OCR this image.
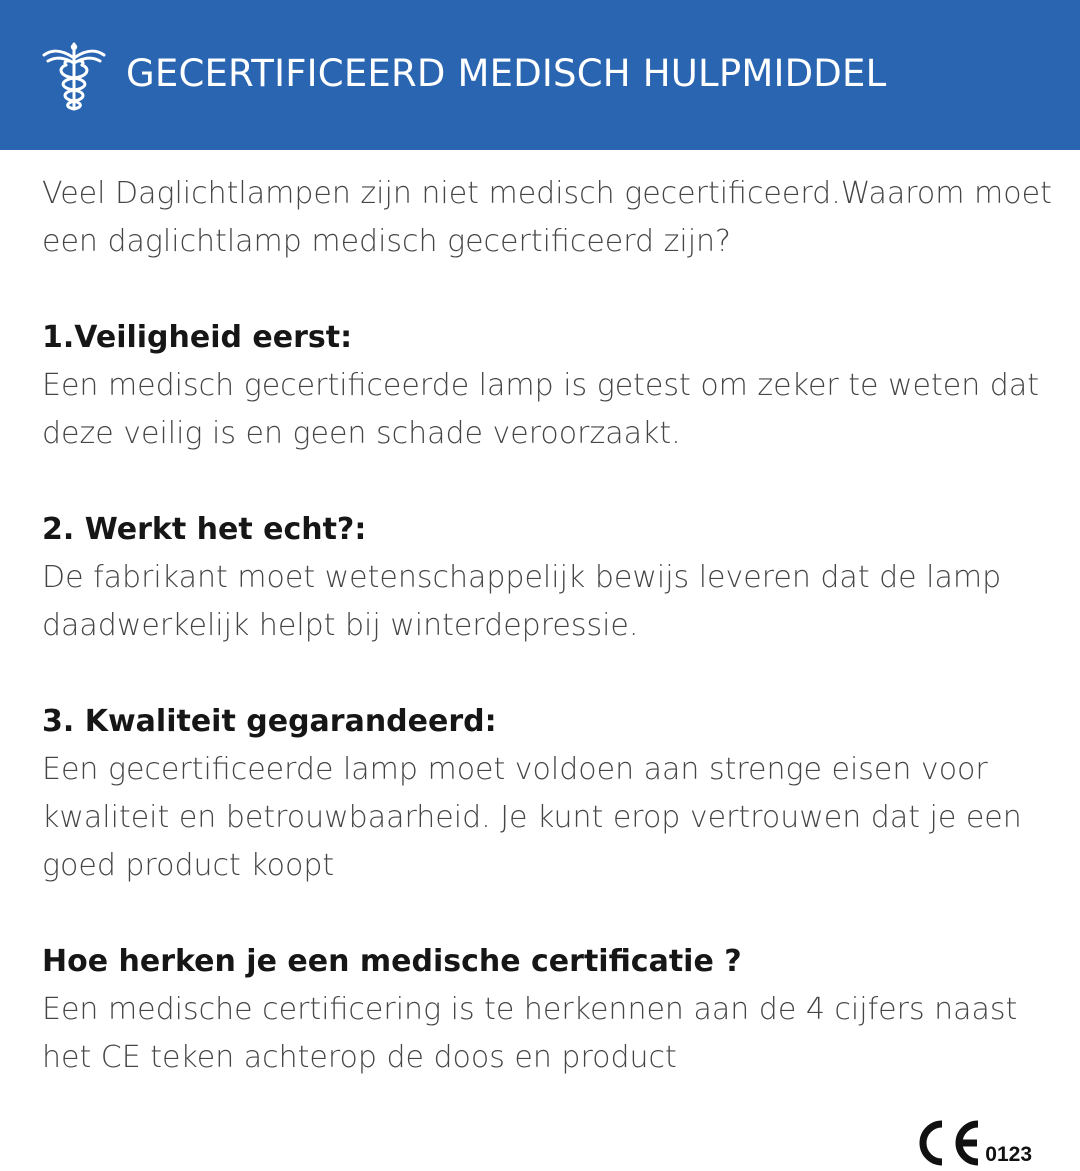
GECERTIFICEERD MEDISCH HULPMIDDEL

Veel Daglichtlampen zijn niet medisch gecertificeerd.Waarom moet een daglichtlamp medisch gecertificeerd zijn?

1.Veiligheid eerst:

Een medisch gecertificeerde lamp is getest om zeker te weten dat deze veilig is en geen schade veroorzaakt.

2. Werkt het echt?:

De fabrikant moet wetenschappelijk bewijs leveren dat de lamp daadwerkelijk helpt bij winterdepressie.

3. Kwaliteit gegarandeerd:

Een gecertificeerde lamp moet voldoen aan strenge eisen voor kwaliteit en betrouwbaarheid. Je kunt erop vertrouwen dat je een goed product koopt

Hoe herken je een medische certificatie ?

Een medische certificering is te herkennen aan de 4 cijfers naast het CE teken achterop de doos en product

0123
